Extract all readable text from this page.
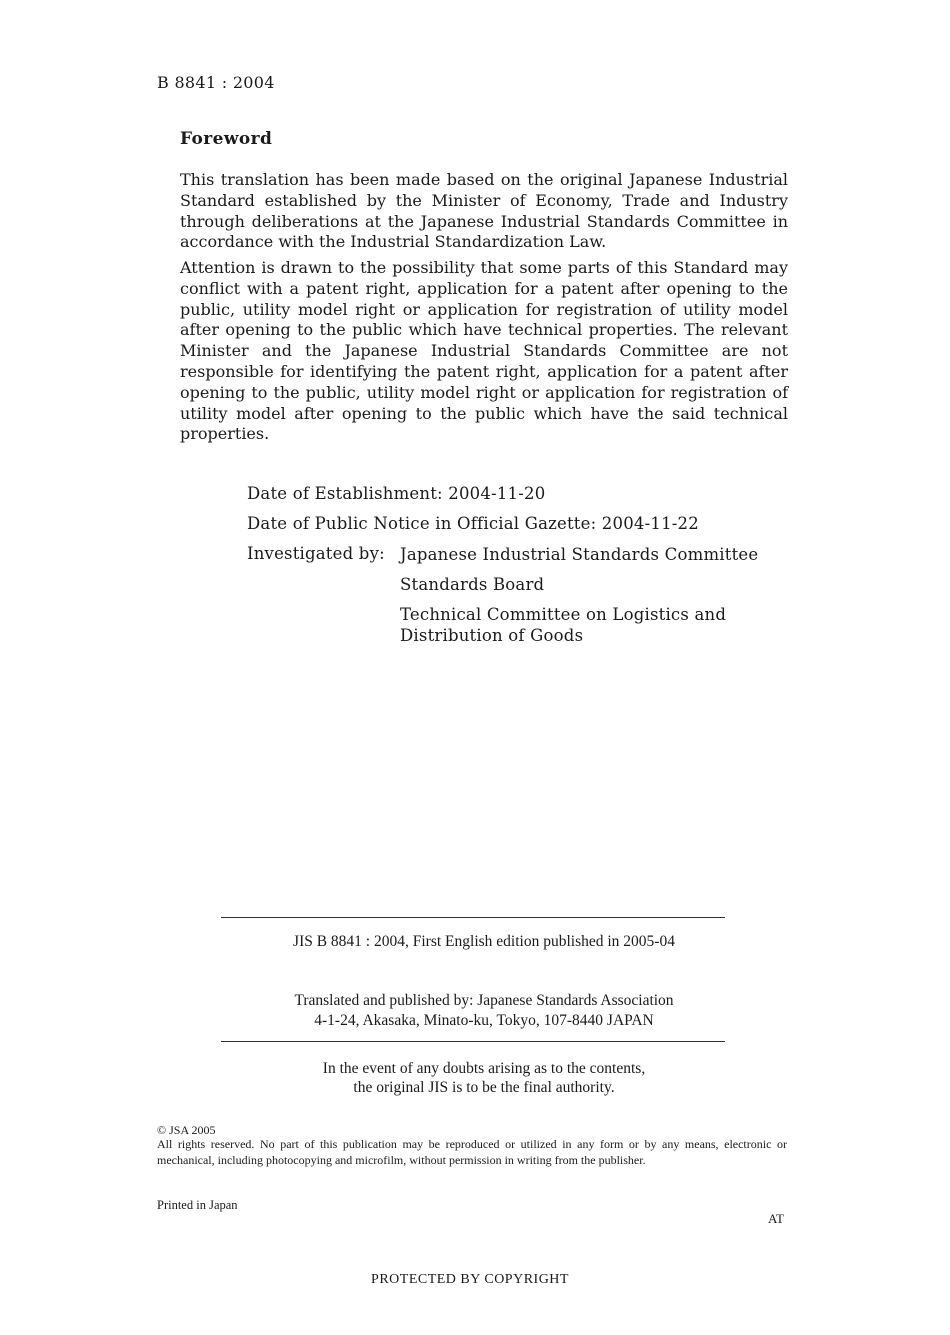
B 8841 : 2004
Foreword
This translation has been made based on the original Japanese Industrial Standard established by the Minister of Economy, Trade and Industry through deliberations at the Japanese Industrial Standards Committee in accordance with the Industrial Standardization Law.
Attention is drawn to the possibility that some parts of this Standard may conflict with a patent right, application for a patent after opening to the public, utility model right or application for registration of utility model after opening to the public which have technical properties. The relevant Minister and the Japanese Industrial Standards Committee are not responsible for identifying the patent right, application for a patent after opening to the public, utility model right or application for registration of utility model after opening to the public which have the said technical properties.
Date of Establishment: 2004-11-20
Date of Public Notice in Official Gazette: 2004-11-22
Investigated by: Japanese Industrial Standards Committee
Standards Board
Technical Committee on Logistics and
Distribution of Goods
JIS B 8841 : 2004, First English edition published in 2005-04
Translated and published by: Japanese Standards Association
4-1-24, Akasaka, Minato-ku, Tokyo, 107-8440 JAPAN
In the event of any doubts arising as to the contents,
the original JIS is to be the final authority.
© JSA 2005
All rights reserved. No part of this publication may be reproduced or utilized in any form or by any means, electronic or mechanical, including photocopying and microfilm, without permission in writing from the publisher.
Printed in Japan
AT
PROTECTED BY COPYRIGHT
